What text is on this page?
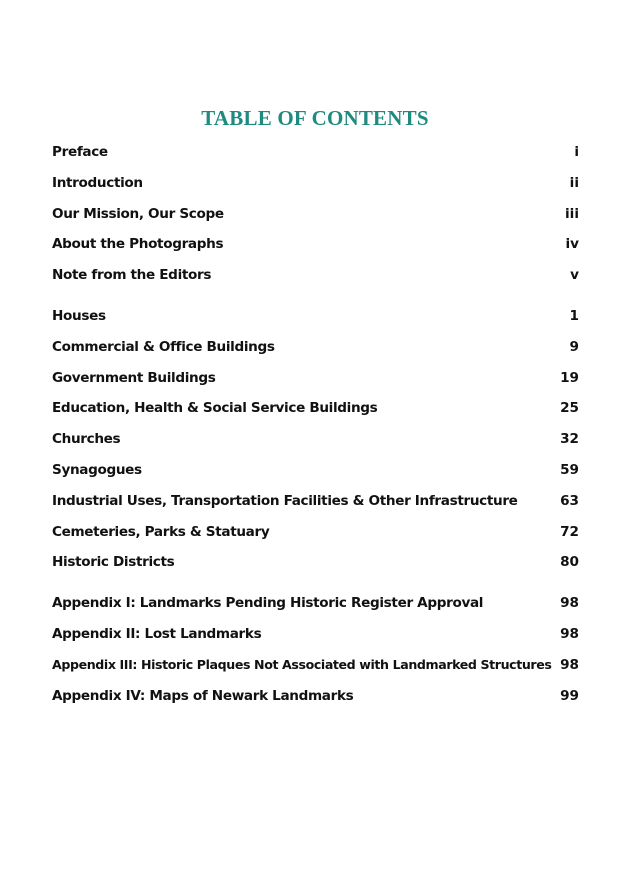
TABLE OF CONTENTS
Preface	i
Introduction	ii
Our Mission, Our Scope	iii
About the Photographs	iv
Note from the Editors	v
Houses	1
Commercial & Office Buildings	9
Government Buildings	19
Education, Health & Social Service Buildings	25
Churches	32
Synagogues	59
Industrial Uses, Transportation Facilities & Other Infrastructure	63
Cemeteries, Parks & Statuary	72
Historic Districts	80
Appendix I: Landmarks Pending Historic Register Approval	98
Appendix II: Lost Landmarks	98
Appendix III: Historic Plaques Not Associated with Landmarked Structures 98
Appendix IV: Maps of Newark Landmarks	99
